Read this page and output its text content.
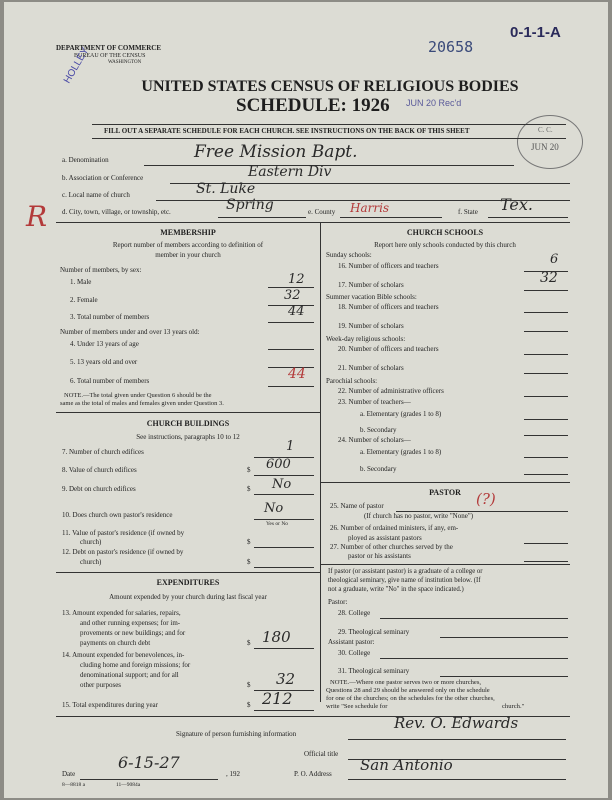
DEPARTMENT OF COMMERCE
BUREAU OF THE CENSUS
WASHINGTON
20658
0-1-1-A
HOLLEY
UNITED STATES CENSUS OF RELIGIOUS BODIES
SCHEDULE: 1926 JUN 20 Rec'd
C. C.
JUN 20
FILL OUT A SEPARATE SCHEDULE FOR EACH CHURCH. SEE INSTRUCTIONS ON THE BACK OF THIS SHEET
a. Denomination	Free Mission Bapt.
b. Association or Conference	Eastern Div
c. Local name of church	St. Luke
d. City, town, village, or township, etc.	Spring	e. County Harris	f. State Tex.
R	MEMBERSHIP
Report number of members according to definition of
member in your church
Number of members, by sex:
1. Male	12
2. Female	32
3. Total number of members	44
Number of members under and over 13 years old:
4. Under 13 years of age
5. 13 years old and over
6. Total number of members	44
NOTE.—The total given under Question 6 should be the
same as the total of males and females given under Question 3.
CHURCH BUILDINGS
See instructions, paragraphs 10 to 12
7. Number of church edifices	1
8. Value of church edifices	$ 600
9. Debt on church edifices	$ No
10. Does church own pastor's residence	No
Yes or No
11. Value of pastor's residence (if owned by
church)	$
12. Debt on pastor's residence (if owned by
church)	$
EXPENDITURES
Amount expended by your church during last fiscal year
13. Amount expended for salaries, repairs,
and other running expenses; for im-
provements or new buildings; and for
payments on church debt	$ 180
14. Amount expended for benevolences, in-
cluding home and foreign missions; for
denominational support; and for all
other purposes	$ 32
15. Total expenditures during year	$ 212
CHURCH SCHOOLS
Report here only schools conducted by this church
Sunday schools:
16. Number of officers and teachers	6
17. Number of scholars	32
Summer vacation Bible schools:
18. Number of officers and teachers
19. Number of scholars
Week-day religious schools:
20. Number of officers and teachers
21. Number of scholars
Parochial schools:
22. Number of administrative officers
23. Number of teachers—
a. Elementary (grades 1 to 8)
b. Secondary
24. Number of scholars—
a. Elementary (grades 1 to 8)
b. Secondary
PASTOR
25. Name of pastor	(?)
(If church has no pastor, write "None")
26. Number of ordained ministers, if any, em-
ployed as assistant pastors
27. Number of other churches served by the
pastor or his assistants
If pastor (or assistant pastor) is a graduate of a college or
theological seminary, give name of institution below. (If
not a graduate, write "No" in the space indicated.)
Pastor:
28. College
29. Theological seminary
Assistant pastor:
30. College
31. Theological seminary
NOTE.—Where one pastor serves two or more churches,
Questions 28 and 29 should be answered only on the schedule
for one of the churches; on the schedules for the other churches,
write "See schedule for	church."
Signature of person furnishing information
Rev. O. Edwards
Official title
Date
6-15-27
, 192	P. O. Address San Antonio
8—8818 a	11—9084a
